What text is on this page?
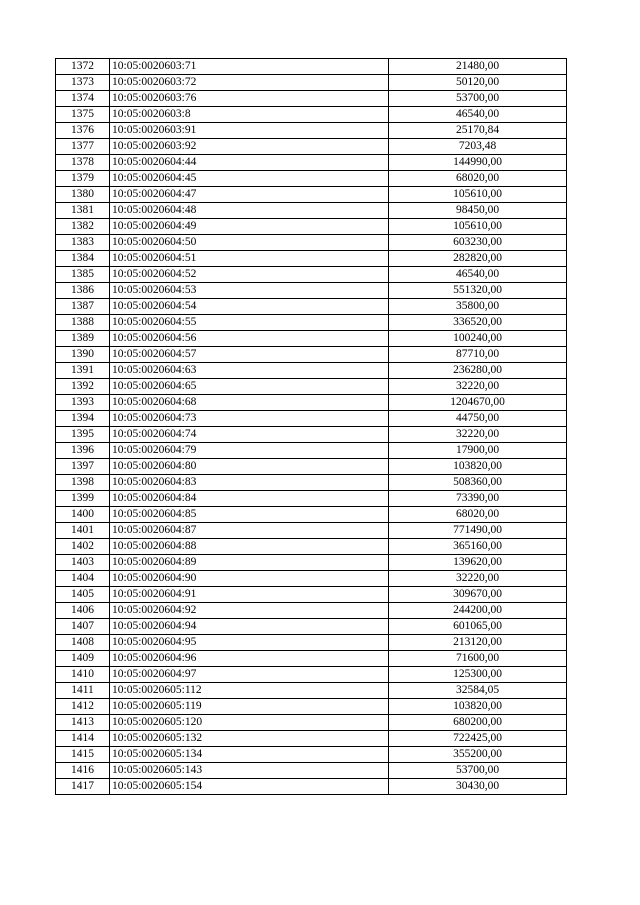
1372	10:05:0020603:71	21480,00
1373	10:05:0020603:72	50120,00
1374	10:05:0020603:76	53700,00
1375	10:05:0020603:8	46540,00
1376	10:05:0020603:91	25170,84
1377	10:05:0020603:92	7203,48
1378	10:05:0020604:44	144990,00
1379	10:05:0020604:45	68020,00
1380	10:05:0020604:47	105610,00
1381	10:05:0020604:48	98450,00
1382	10:05:0020604:49	105610,00
1383	10:05:0020604:50	603230,00
1384	10:05:0020604:51	282820,00
1385	10:05:0020604:52	46540,00
1386	10:05:0020604:53	551320,00
1387	10:05:0020604:54	35800,00
1388	10:05:0020604:55	336520,00
1389	10:05:0020604:56	100240,00
1390	10:05:0020604:57	87710,00
1391	10:05:0020604:63	236280,00
1392	10:05:0020604:65	32220,00
1393	10:05:0020604:68	1204670,00
1394	10:05:0020604:73	44750,00
1395	10:05:0020604:74	32220,00
1396	10:05:0020604:79	17900,00
1397	10:05:0020604:80	103820,00
1398	10:05:0020604:83	508360,00
1399	10:05:0020604:84	73390,00
1400	10:05:0020604:85	68020,00
1401	10:05:0020604:87	771490,00
1402	10:05:0020604:88	365160,00
1403	10:05:0020604:89	139620,00
1404	10:05:0020604:90	32220,00
1405	10:05:0020604:91	309670,00
1406	10:05:0020604:92	244200,00
1407	10:05:0020604:94	601065,00
1408	10:05:0020604:95	213120,00
1409	10:05:0020604:96	71600,00
1410	10:05:0020604:97	125300,00
1411	10:05:0020605:112	32584,05
1412	10:05:0020605:119	103820,00
1413	10:05:0020605:120	680200,00
1414	10:05:0020605:132	722425,00
1415	10:05:0020605:134	355200,00
1416	10:05:0020605:143	53700,00
1417	10:05:0020605:154	30430,00
